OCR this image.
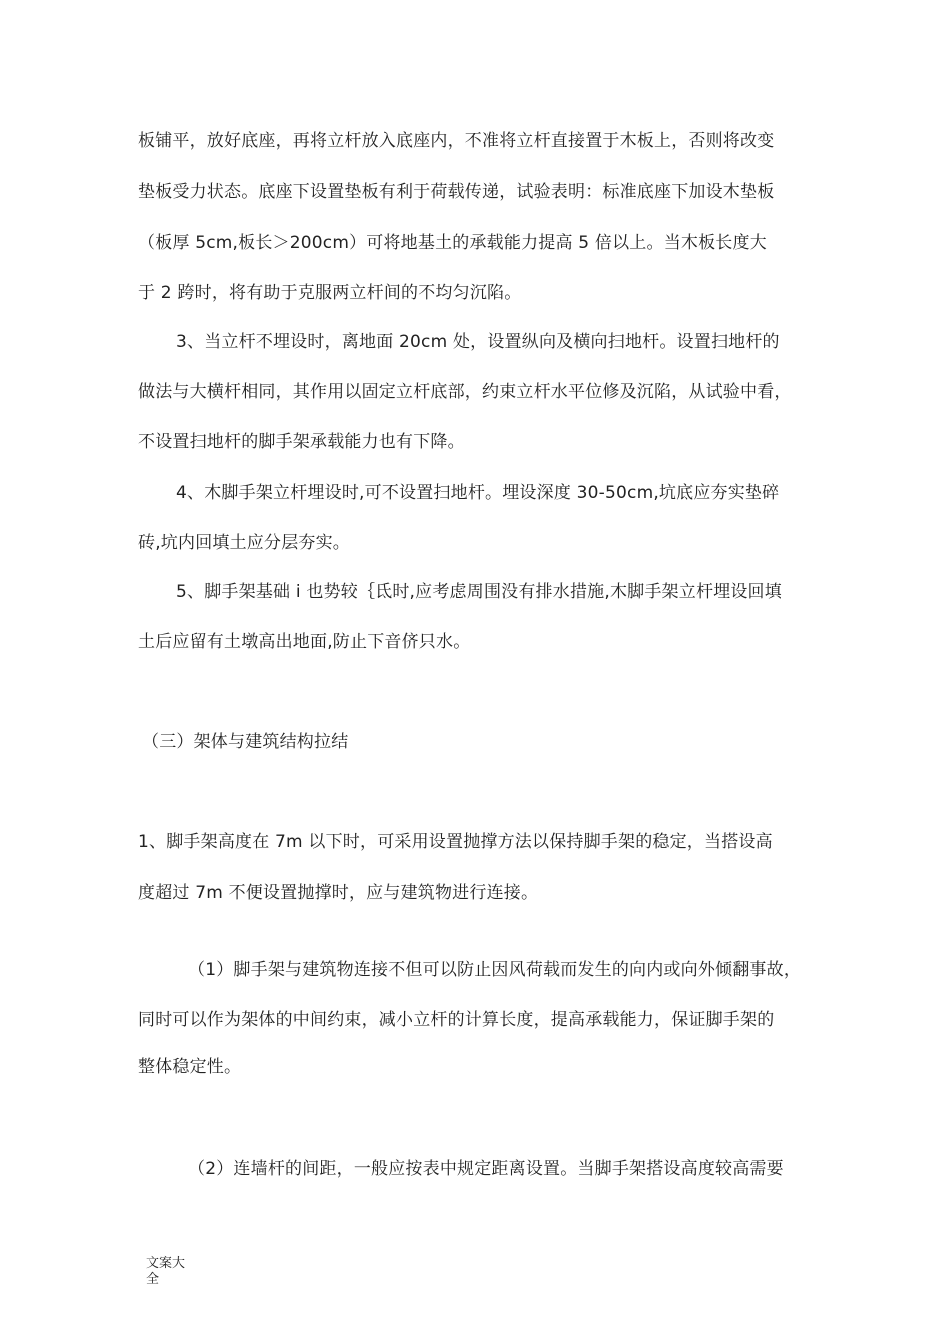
板铺平，放好底座，再将立杆放入底座内，不准将立杆直接置于木板上，否则将改变
垫板受力状态。底座下设置垫板有利于荷载传递，试验表明：标准底座下加设木垫板
（板厚 5cm,板长＞200cm）可将地基土的承载能力提高 5 倍以上。当木板长度大
于 2 跨时，将有助于克服两立杆间的不均匀沉陷。
3、当立杆不埋设时，离地面 20cm 处，设置纵向及横向扫地杆。设置扫地杆的
做法与大横杆相同，其作用以固定立杆底部，约束立杆水平位修及沉陷，从试验中看，
不设置扫地杆的脚手架承载能力也有下降。
4、木脚手架立杆埋设时,可不设置扫地杆。埋设深度 30-50cm,坑底应夯实垫碎
砖,坑内回填土应分层夯实。
5、脚手架基础 i 也势较｛氐时,应考虑周围没有排水措施,木脚手架立杆埋设回填
土后应留有土墩高出地面,防止下音侪只水。
（三）架体与建筑结构拉结
1、脚手架高度在 7m 以下时，可采用设置抛撑方法以保持脚手架的稳定，当搭设高
度超过 7m 不便设置抛撑时，应与建筑物进行连接。
（1）脚手架与建筑物连接不但可以防止因风荷载而发生的向内或向外倾翻事故，
同时可以作为架体的中间约束，减小立杆的计算长度，提高承载能力，保证脚手架的
整体稳定性。
（2）连墙杆的间距，一般应按表中规定距离设置。当脚手架搭设高度较高需要
文案大
全
